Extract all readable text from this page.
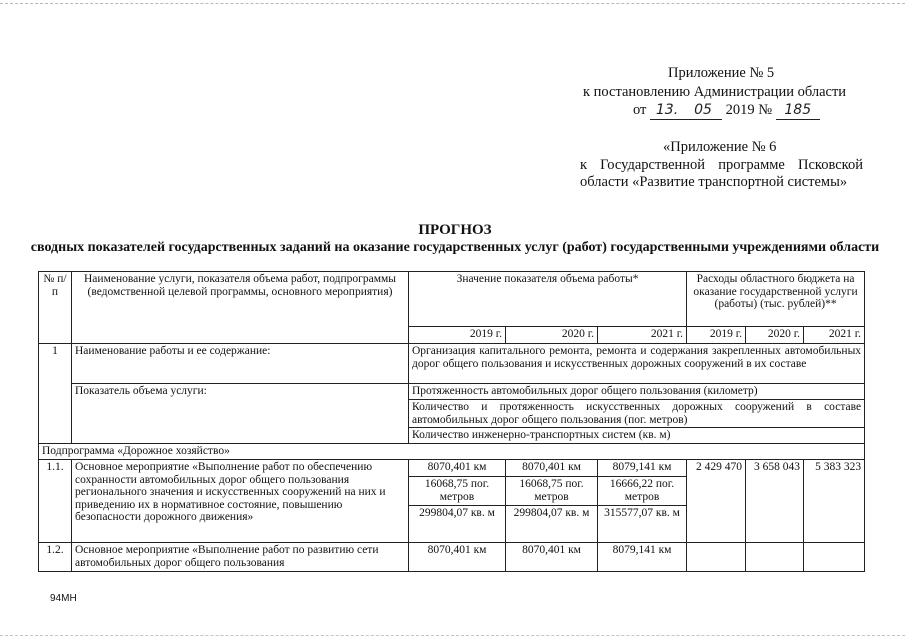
Приложение № 5
к постановлению Администрации области
от 13. 05 2019 № 185
«Приложение № 6
к Государственной программе Псковской
области «Развитие транспортной системы»
ПРОГНОЗ
сводных показателей государственных заданий на оказание государственных услуг (работ) государственными учреждениями области
№ п/п	Наименование услуги, показателя объема работ, подпрограммы (ведомственной целевой программы, основного мероприятия)	Значение показателя объема работы*			Расходы областного бюджета на оказание государственной услуги (работы) (тыс. рублей)**		
		2019 г.	2020 г.	2021 г.	2019 г.	2020 г.	2021 г.
1	Наименование работы и ее содержание:	Организация капитального ремонта, ремонта и содержания закрепленных автомобильных дорог общего пользования и искусственных дорожных сооружений в их составе					
	Показатель объема услуги:	Протяженность автомобильных дорог общего пользования (километр)					
		Количество и протяженность искусственных дорожных сооружений в составе автомобильных дорог общего пользования (пог. метров)					
		Количество инженерно-транспортных систем (кв. м)					
Подпрограмма «Дорожное хозяйство»							
1.1.	Основное мероприятие «Выполнение работ по обеспечению сохранности автомобильных дорог общего пользования регионального значения и искусственных сооружений на них и приведению их в нормативное состояние, повышению безопасности дорожного движения»	8070,401 км	8070,401 км	8079,141 км	2 429 470	3 658 043	5 383 323
		16068,75 пог. метров	16068,75 пог. метров	16666,22 пог. метров			
		299804,07 кв. м	299804,07 кв. м	315577,07 кв. м			
1.2.	Основное мероприятие «Выполнение работ по развитию сети автомобильных дорог общего пользования	8070,401 км	8070,401 км	8079,141 км			
94МН
